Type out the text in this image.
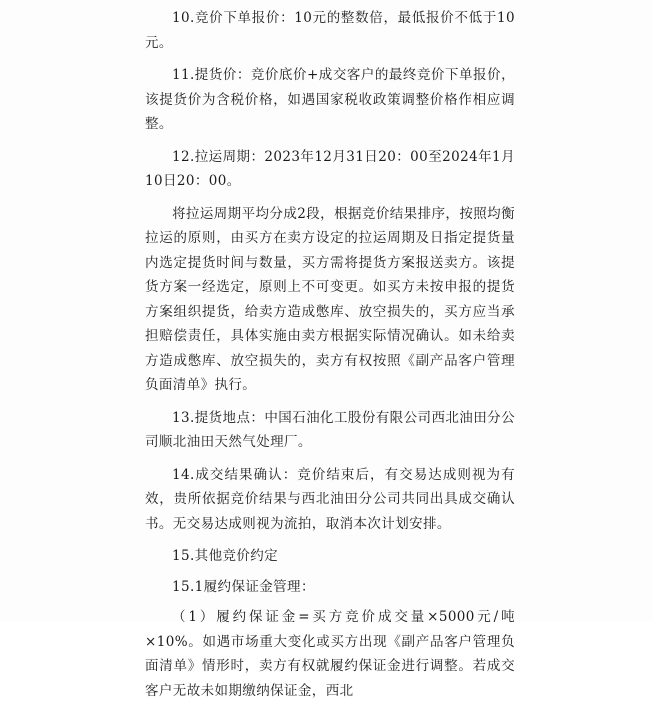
10.竞价下单报价：10元的整数倍，最低报价不低于10元。

11.提货价：竞价底价+成交客户的最终竞价下单报价，该提货价为含税价格，如遇国家税收政策调整价格作相应调整。

12.拉运周期：2023年12月31日20：00至2024年1月10日20：00。

将拉运周期平均分成2段，根据竞价结果排序，按照均衡拉运的原则，由买方在卖方设定的拉运周期及日指定提货量内选定提货时间与数量，买方需将提货方案报送卖方。该提货方案一经选定，原则上不可变更。如买方未按申报的提货方案组织提货，给卖方造成憋库、放空损失的，买方应当承担赔偿责任，具体实施由卖方根据实际情况确认。如未给卖方造成憋库、放空损失的，卖方有权按照《副产品客户管理负面清单》执行。

13.提货地点：中国石油化工股份有限公司西北油田分公司顺北油田天然气处理厂。

14.成交结果确认：竞价结束后，有交易达成则视为有效，贵所依据竞价结果与西北油田分公司共同出具成交确认书。无交易达成则视为流拍，取消本次计划安排。

15.其他竞价约定

15.1履约保证金管理：

（1）履约保证金=买方竞价成交量×5000元/吨×10%。如遇市场重大变化或买方出现《副产品客户管理负面清单》情形时，卖方有权就履约保证金进行调整。若成交客户无故未如期缴纳保证金，西北
